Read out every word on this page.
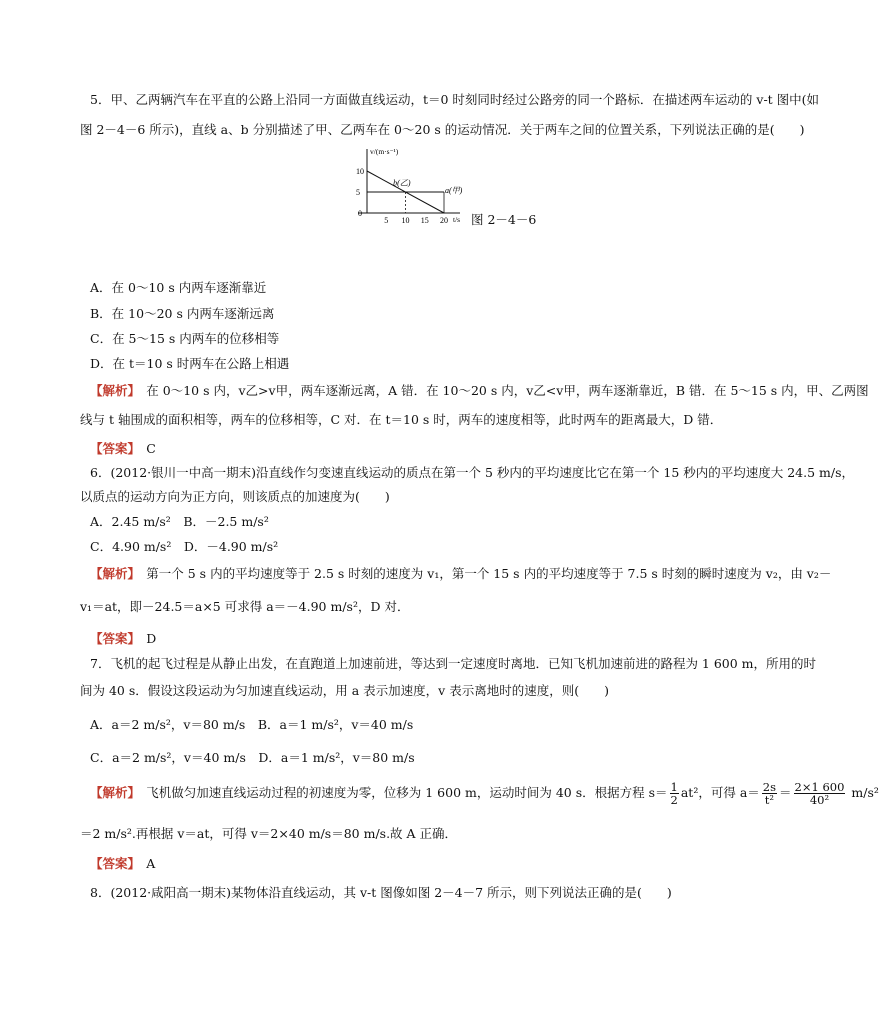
5．甲、乙两辆汽车在平直的公路上沿同一方面做直线运动，t＝0 时刻同时经过公路旁的同一个路标．在描述两车运动的 v-t 图中(如
图 2－4－6 所示)，直线 a、b 分别描述了甲、乙两车在 0～20 s 的运动情况．关于两车之间的位置关系，下列说法正确的是(　　)
v/(m·s⁻¹)
t/s
10
5
0
5 10 15 20
a(甲)
b(乙)
图 2－4－6
A．在 0～10 s 内两车逐渐靠近
B．在 10～20 s 内两车逐渐远离
C．在 5～15 s 内两车的位移相等
D．在 t＝10 s 时两车在公路上相遇
【解析】　 在 0～10 s 内，v乙>v甲，两车逐渐远离，A 错．在 10～20 s 内，v乙<v甲，两车逐渐靠近，B 错．在 5～15 s 内，甲、乙两图
线与 t 轴围成的面积相等，两车的位移相等，C 对．在 t＝10 s 时，两车的速度相等，此时两车的距离最大，D 错．
【答案】　 C
6．(2012·银川一中高一期末)沿直线作匀变速直线运动的质点在第一个 5 秒内的平均速度比它在第一个 15 秒内的平均速度大 24.5 m/s，
以质点的运动方向为正方向，则该质点的加速度为(　　)
A．2.45 m/s²　B．－2.5 m/s²
C．4.90 m/s²　D．－4.90 m/s²
【解析】　 第一个 5 s 内的平均速度等于 2.5 s 时刻的速度为 v₁，第一个 15 s 内的平均速度等于 7.5 s 时刻的瞬时速度为 v₂，由 v₂－
v₁＝at，即－24.5＝a×5 可求得 a＝－4.90 m/s²，D 对．
【答案】　 D
7．飞机的起飞过程是从静止出发，在直跑道上加速前进，等达到一定速度时离地．已知飞机加速前进的路程为 1 600 m，所用的时
间为 40 s．假设这段运动为匀加速直线运动，用 a 表示加速度，v 表示离地时的速度，则(　　)
A．a＝2 m/s²，v＝80 m/s　B．a＝1 m/s²，v＝40 m/s
C．a＝2 m/s²，v＝40 m/s　D．a＝1 m/s²，v＝80 m/s
【解析】　 飞机做匀加速直线运动过程的初速度为零，位移为 1 600 m，运动时间为 40 s．根据方程 $s= \frac{1}{2} at^2$，可得 $a= \frac{2s}{\text{t²}} = \frac{2\times 1 600}{\text{40²}} m/s^2$
＝2 m/s².再根据 v＝at，可得 v＝2×40 m/s＝80 m/s.故 A 正确．
【答案】　 A
8．(2012·咸阳高一期末)某物体沿直线运动，其 v-t 图像如图 2－4－7 所示，则下列说法正确的是(　　)
